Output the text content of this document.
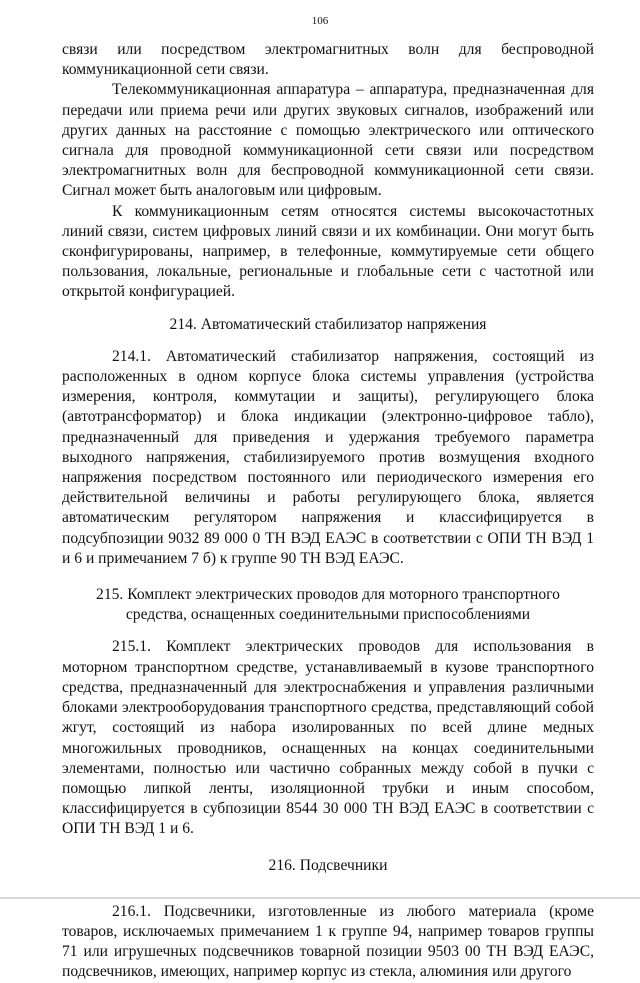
106

связи или посредством электромагнитных волн для беспроводной коммуникационной сети связи.

Телекоммуникационная аппаратура – аппаратура, предназначенная для передачи или приема речи или других звуковых сигналов, изображений или других данных на расстояние с помощью электрического или оптического сигнала для проводной коммуникационной сети связи или посредством электромагнитных волн для беспроводной коммуникационной сети связи. Сигнал может быть аналоговым или цифровым.

К коммуникационным сетям относятся системы высокочастотных линий связи, систем цифровых линий связи и их комбинации. Они могут быть сконфигурированы, например, в телефонные, коммутируемые сети общего пользования, локальные, региональные и глобальные сети с частотной или открытой конфигурацией.

214. Автоматический стабилизатор напряжения

214.1. Автоматический стабилизатор напряжения, состоящий из расположенных в одном корпусе блока системы управления (устройства измерения, контроля, коммутации и защиты), регулирующего блока (автотрансформатор) и блока индикации (электронно-цифровое табло), предназначенный для приведения и удержания требуемого параметра выходного напряжения, стабилизируемого против возмущения входного напряжения посредством постоянного или периодического измерения его действительной величины и работы регулирующего блока, является автоматическим регулятором напряжения и классифицируется в подсубпозиции 9032 89 000 0 ТН ВЭД ЕАЭС в соответствии с ОПИ ТН ВЭД 1 и 6 и примечанием 7 б) к группе 90 ТН ВЭД ЕАЭС.

215. Комплект электрических проводов для моторного транспортного
средства, оснащенных соединительными приспособлениями

215.1. Комплект электрических проводов для использования в моторном транспортном средстве, устанавливаемый в кузове транспортного средства, предназначенный для электроснабжения и управления различными блоками электрооборудования транспортного средства, представляющий собой жгут, состоящий из набора изолированных по всей длине медных многожильных проводников, оснащенных на концах соединительными элементами, полностью или частично собранных между собой в пучки с помощью липкой ленты, изоляционной трубки и иным способом, классифицируется в субпозиции 8544 30 000 ТН ВЭД ЕАЭС в соответствии с ОПИ ТН ВЭД 1 и 6.

216. Подсвечники

216.1. Подсвечники, изготовленные из любого материала (кроме товаров, исключаемых примечанием 1 к группе 94, например товаров группы 71 или игрушечных подсвечников товарной позиции 9503 00 ТН ВЭД ЕАЭС, подсвечников, имеющих, например корпус из стекла, алюминия или другого
